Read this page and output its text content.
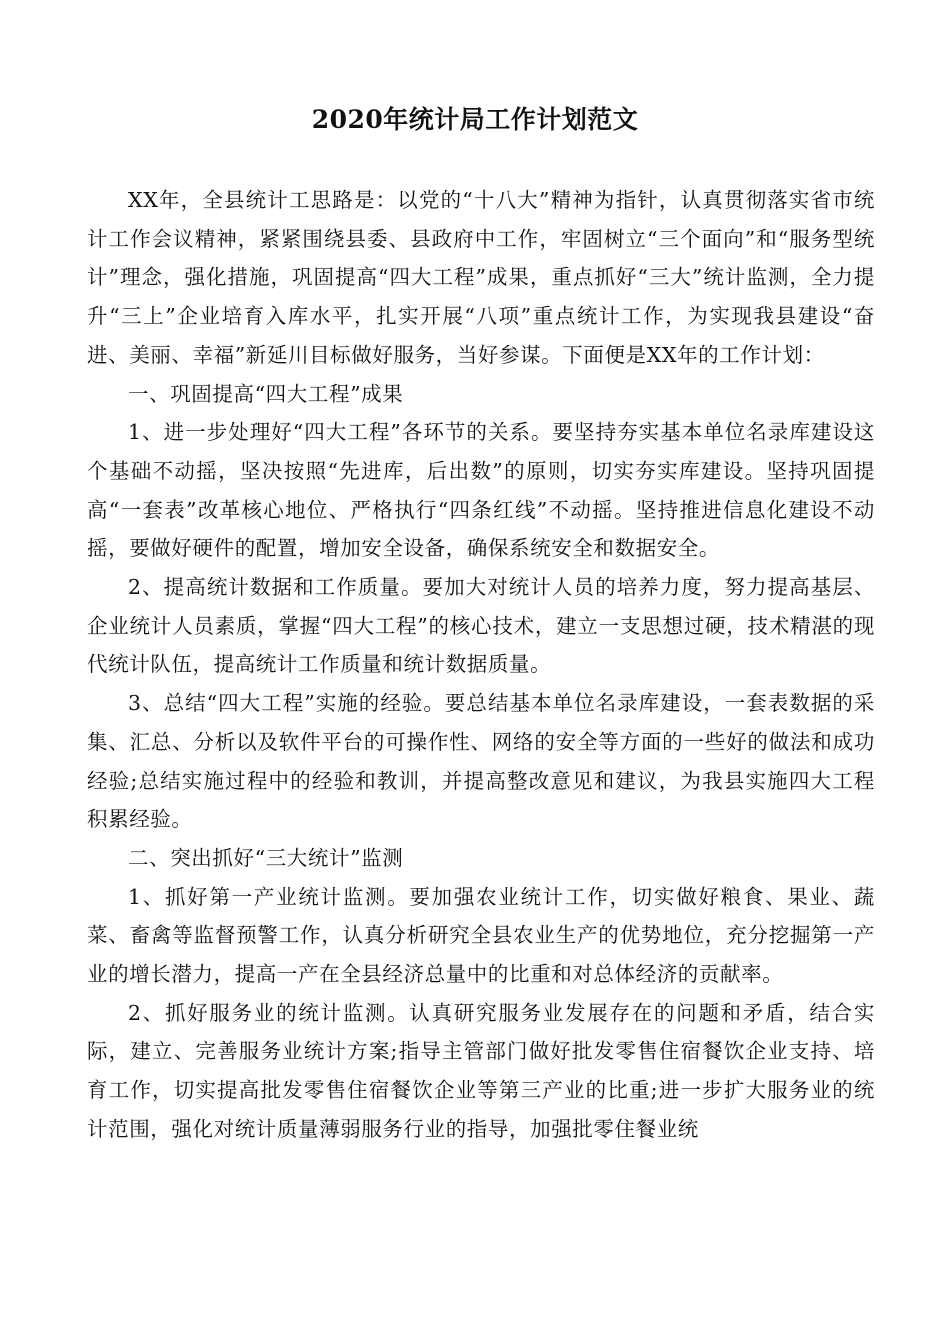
2020年统计局工作计划范文

XX年，全县统计工思路是：以党的“十八大”精神为指针，认真贯彻落实省市统计工作会议精神，紧紧围绕县委、县政府中工作，牢固树立“三个面向”和“服务型统计”理念，强化措施，巩固提高“四大工程”成果，重点抓好“三大”统计监测，全力提升“三上”企业培育入库水平，扎实开展“八项”重点统计工作，为实现我县建设“奋进、美丽、幸福”新延川目标做好服务，当好参谋。下面便是XX年的工作计划：

一、巩固提高“四大工程”成果

1、进一步处理好“四大工程”各环节的关系。要坚持夯实基本单位名录库建设这个基础不动摇，坚决按照“先进库，后出数”的原则，切实夯实库建设。坚持巩固提高“一套表”改革核心地位、严格执行“四条红线”不动摇。坚持推进信息化建设不动摇，要做好硬件的配置，增加安全设备，确保系统安全和数据安全。

2、提高统计数据和工作质量。要加大对统计人员的培养力度，努力提高基层、企业统计人员素质，掌握“四大工程”的核心技术，建立一支思想过硬，技术精湛的现代统计队伍，提高统计工作质量和统计数据质量。

3、总结“四大工程”实施的经验。要总结基本单位名录库建设，一套表数据的采集、汇总、分析以及软件平台的可操作性、网络的安全等方面的一些好的做法和成功经验;总结实施过程中的经验和教训，并提高整改意见和建议，为我县实施四大工程积累经验。

二、突出抓好“三大统计”监测

1、抓好第一产业统计监测。要加强农业统计工作，切实做好粮食、果业、蔬菜、畜禽等监督预警工作，认真分析研究全县农业生产的优势地位，充分挖掘第一产业的增长潜力，提高一产在全县经济总量中的比重和对总体经济的贡献率。

2、抓好服务业的统计监测。认真研究服务业发展存在的问题和矛盾，结合实际，建立、完善服务业统计方案;指导主管部门做好批发零售住宿餐饮企业支持、培育工作，切实提高批发零售住宿餐饮企业等第三产业的比重;进一步扩大服务业的统计范围，强化对统计质量薄弱服务行业的指导，加强批零住餐业统
